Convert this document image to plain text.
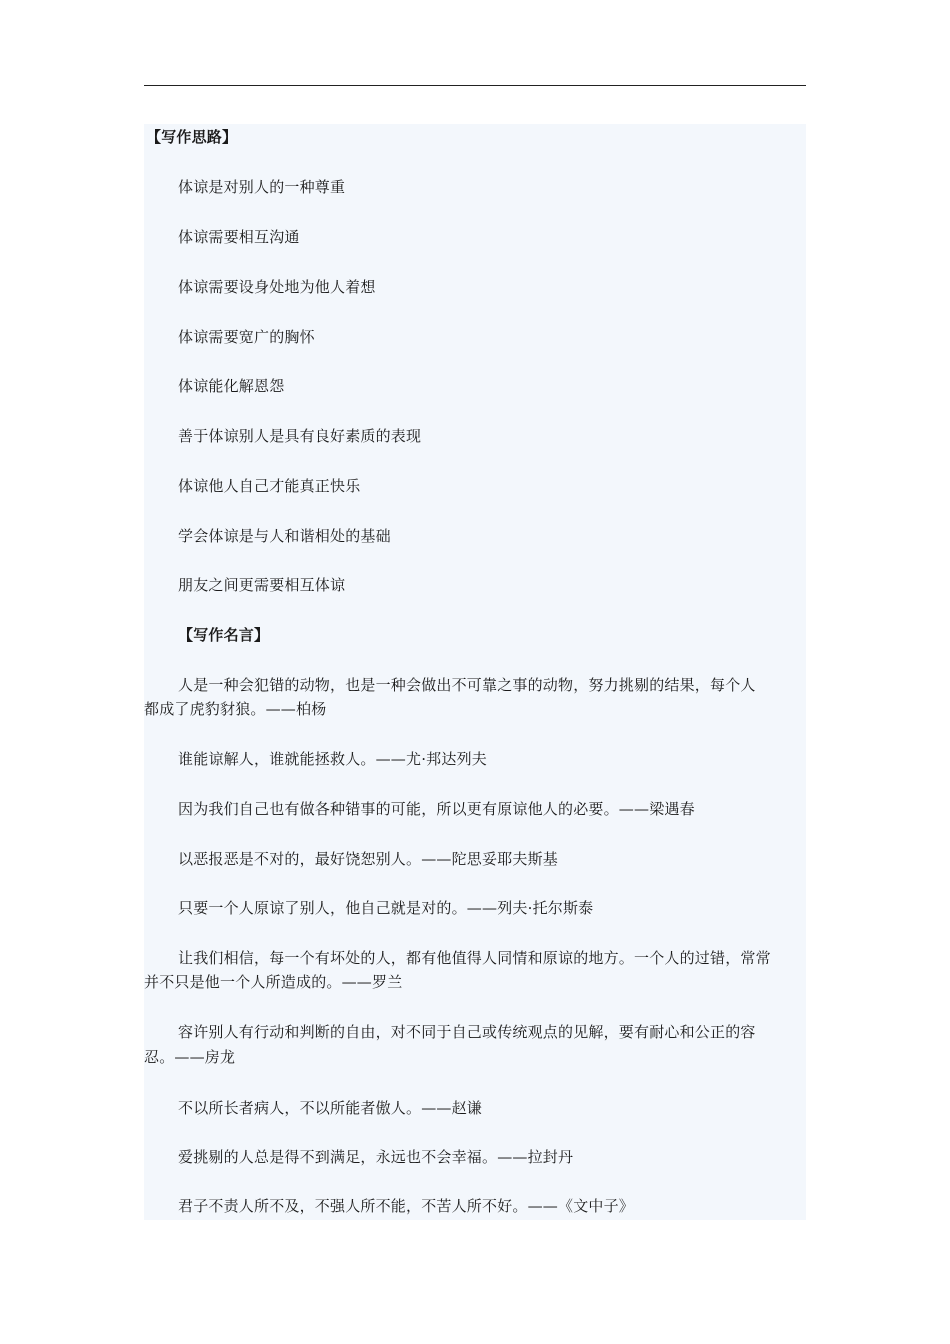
【写作思路】
体谅是对别人的一种尊重
体谅需要相互沟通
体谅需要设身处地为他人着想
体谅需要宽广的胸怀
体谅能化解恩怨
善于体谅别人是具有良好素质的表现
体谅他人自己才能真正快乐
学会体谅是与人和谐相处的基础
朋友之间更需要相互体谅
【写作名言】
人是一种会犯错的动物，也是一种会做出不可靠之事的动物，努力挑剔的结果，每个人
都成了虎豹豺狼。——柏杨
谁能谅解人，谁就能拯救人。——尤·邦达列夫
因为我们自己也有做各种错事的可能，所以更有原谅他人的必要。——梁遇春
以恶报恶是不对的，最好饶恕别人。——陀思妥耶夫斯基
只要一个人原谅了别人，他自己就是对的。——列夫·托尔斯泰
让我们相信，每一个有坏处的人，都有他值得人同情和原谅的地方。一个人的过错，常常
并不只是他一个人所造成的。——罗兰
容许别人有行动和判断的自由，对不同于自己或传统观点的见解，要有耐心和公正的容
忍。——房龙
不以所长者病人，不以所能者傲人。——赵谦
爱挑剔的人总是得不到满足，永远也不会幸福。——拉封丹
君子不责人所不及，不强人所不能，不苦人所不好。——《文中子》
